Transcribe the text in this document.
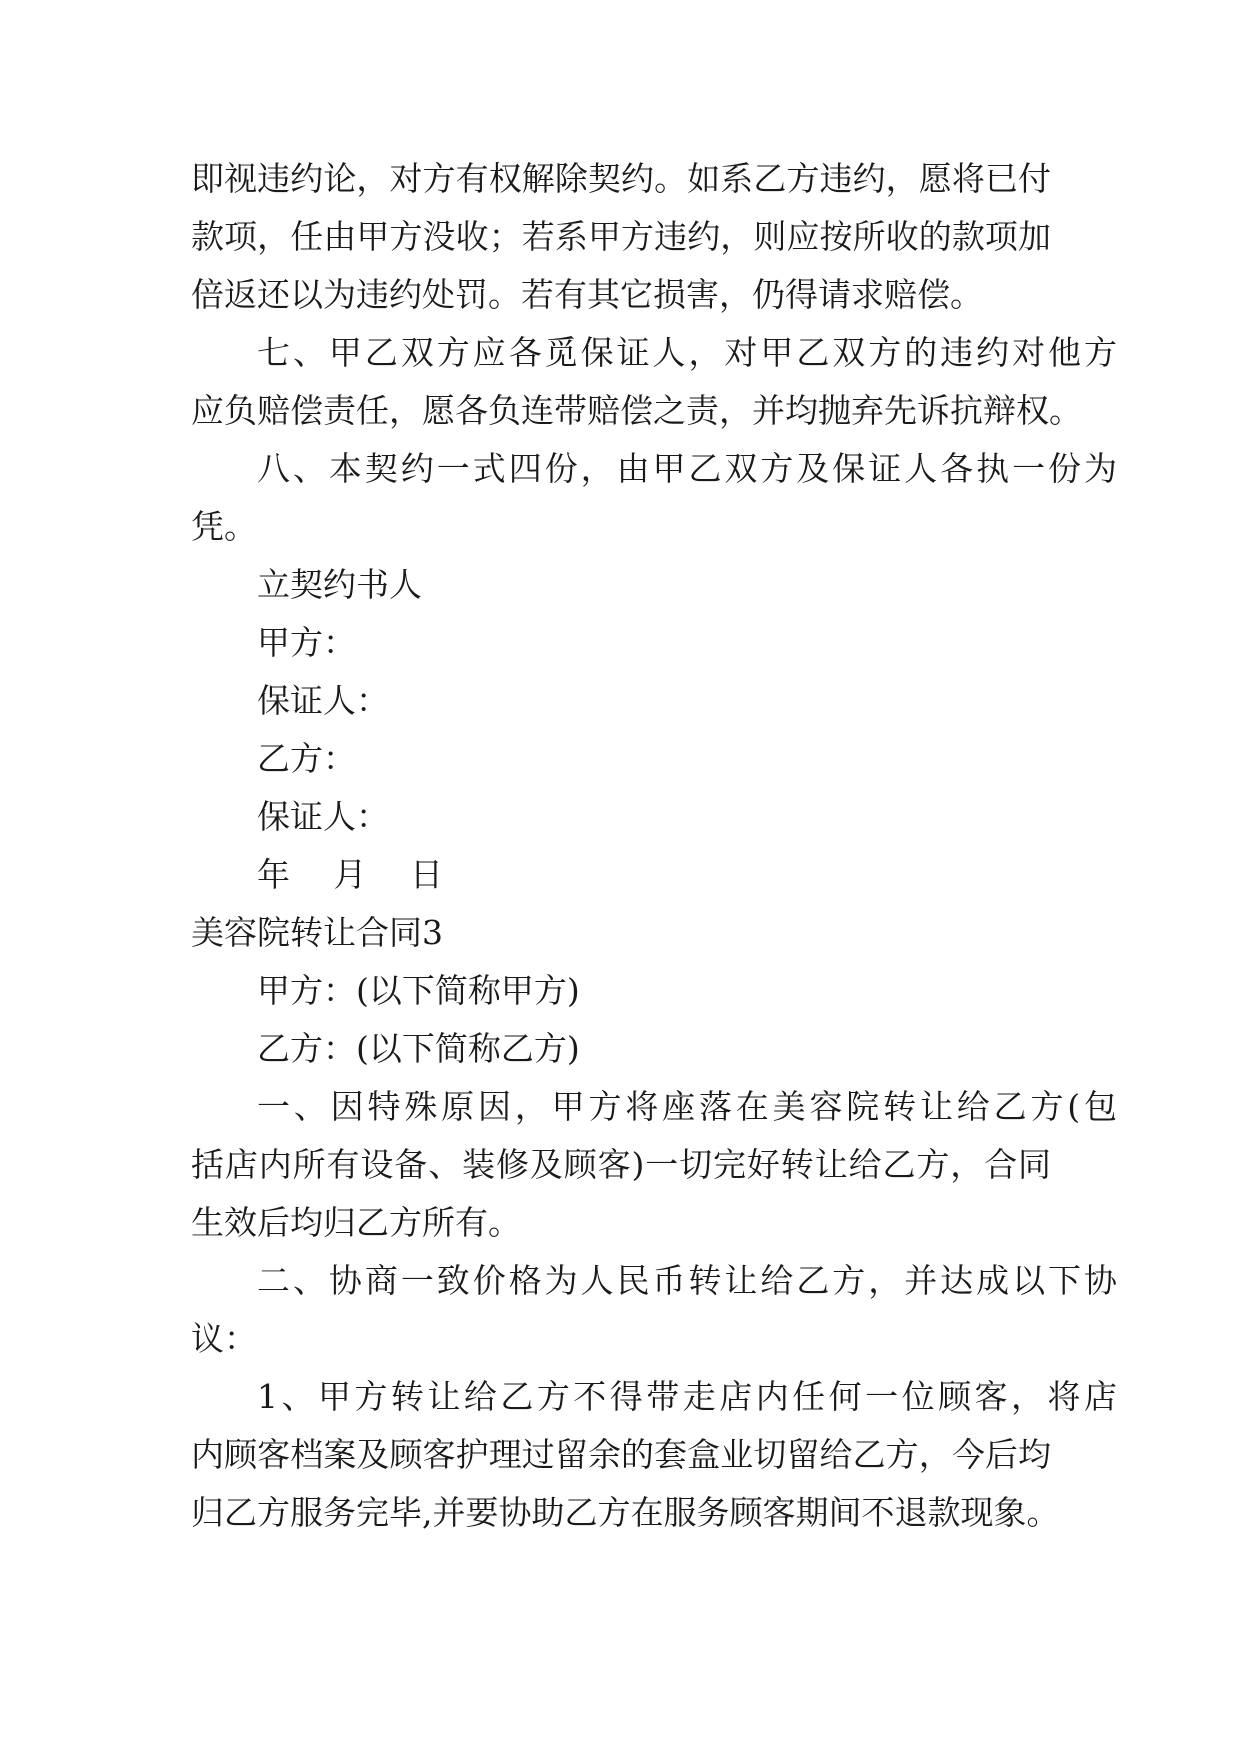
即视违约论，对方有权解除契约。如系乙方违约，愿将已付
款项，任由甲方没收；若系甲方违约，则应按所收的款项加
倍返还以为违约处罚。若有其它损害，仍得请求赔偿。
七、甲乙双方应各觅保证人，对甲乙双方的违约对他方
应负赔偿责任，愿各负连带赔偿之责，并均抛弃先诉抗辩权。
八、本契约一式四份，由甲乙双方及保证人各执一份为
凭。
立契约书人
甲方：
保证人：
乙方：
保证人：
年　 月　 日
美容院转让合同3
甲方：(以下简称甲方)
乙方：(以下简称乙方)
一、因特殊原因，甲方将座落在美容院转让给乙方(包
括店内所有设备、装修及顾客)一切完好转让给乙方，合同
生效后均归乙方所有。
二、协商一致价格为人民币转让给乙方，并达成以下协
议：
1、甲方转让给乙方不得带走店内任何一位顾客，将店
内顾客档案及顾客护理过留余的套盒业切留给乙方，今后均
归乙方服务完毕,并要协助乙方在服务顾客期间不退款现象。
